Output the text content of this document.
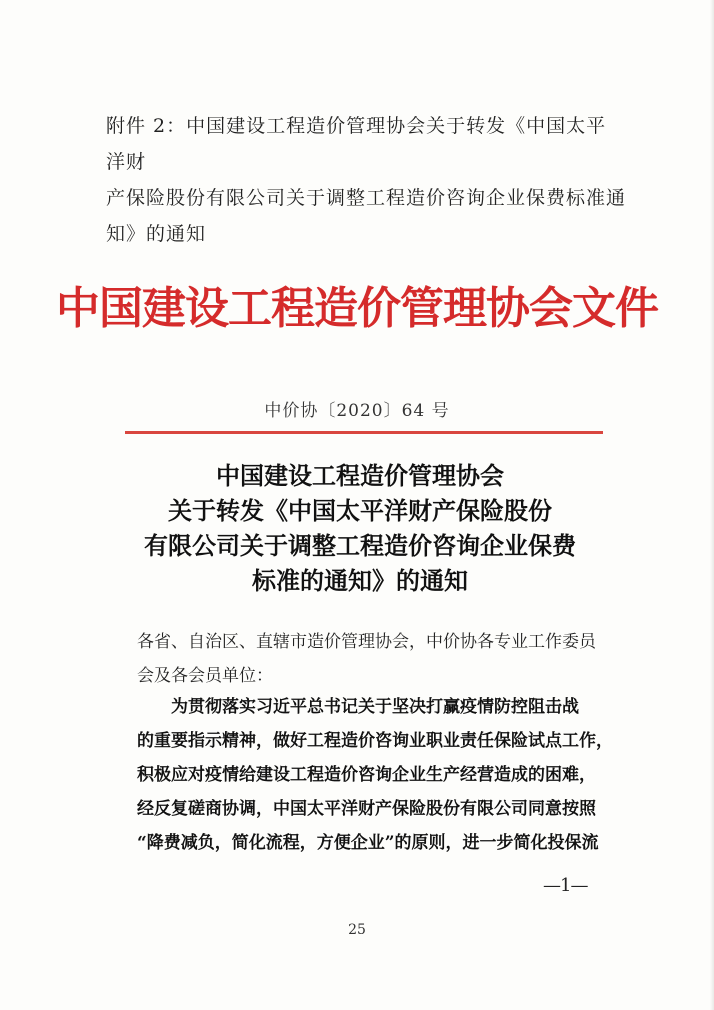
附件 2：中国建设工程造价管理协会关于转发《中国太平洋财
产保险股份有限公司关于调整工程造价咨询企业保费标准通
知》的通知
中国建设工程造价管理协会文件
中价协〔2020〕64 号
中国建设工程造价管理协会
关于转发《中国太平洋财产保险股份
有限公司关于调整工程造价咨询企业保费
标准的通知》的通知
各省、自治区、直辖市造价管理协会，中价协各专业工作委员
会及各会员单位：
　　为贯彻落实习近平总书记关于坚决打赢疫情防控阻击战
的重要指示精神，做好工程造价咨询业职业责任保险试点工作，
积极应对疫情给建设工程造价咨询企业生产经营造成的困难，
经反复磋商协调，中国太平洋财产保险股份有限公司同意按照
“降费减负，简化流程，方便企业”的原则，进一步简化投保流
—1—
25
